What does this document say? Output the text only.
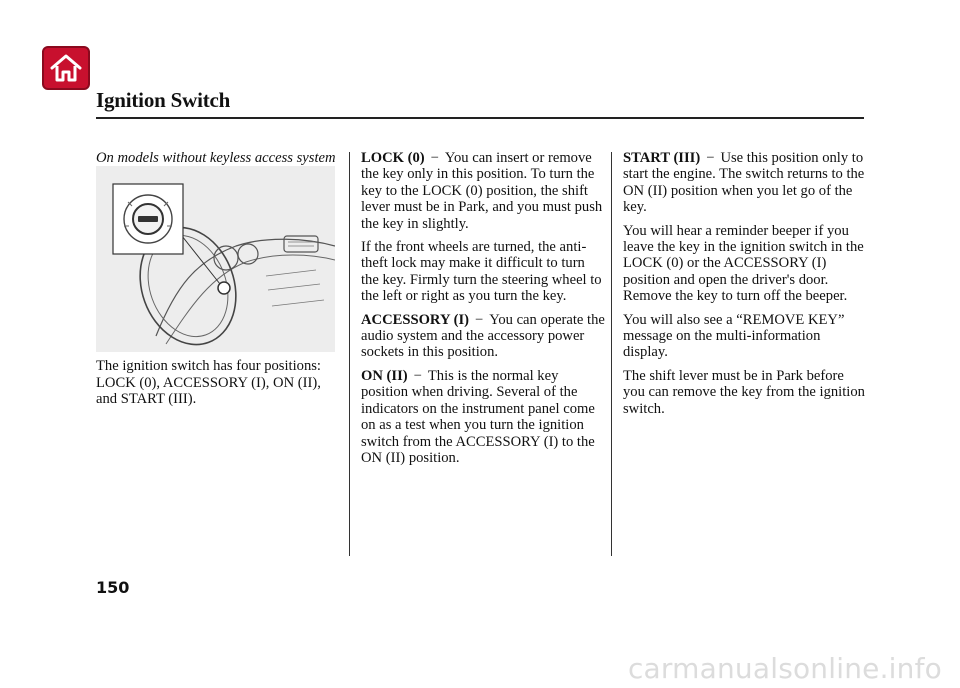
Ignition Switch

On models without keyless access system

The ignition switch has four positions: LOCK (0), ACCESSORY (I), ON (II), and START (III).

LOCK (0) − You can insert or remove the key only in this position. To turn the key to the LOCK (0) position, the shift lever must be in Park, and you must push the key in slightly.

If the front wheels are turned, the anti-theft lock may make it difficult to turn the key. Firmly turn the steering wheel to the left or right as you turn the key.

ACCESSORY (I) − You can operate the audio system and the accessory power sockets in this position.

ON (II) − This is the normal key position when driving. Several of the indicators on the instrument panel come on as a test when you turn the ignition switch from the ACCESSORY (I) to the ON (II) position.

START (III) − Use this position only to start the engine. The switch returns to the ON (II) position when you let go of the key.

You will hear a reminder beeper if you leave the key in the ignition switch in the LOCK (0) or the ACCESSORY (I) position and open the driver's door. Remove the key to turn off the beeper.

You will also see a “REMOVE KEY” message on the multi-information display.

The shift lever must be in Park before you can remove the key from the ignition switch.

150

carmanualsonline.info
